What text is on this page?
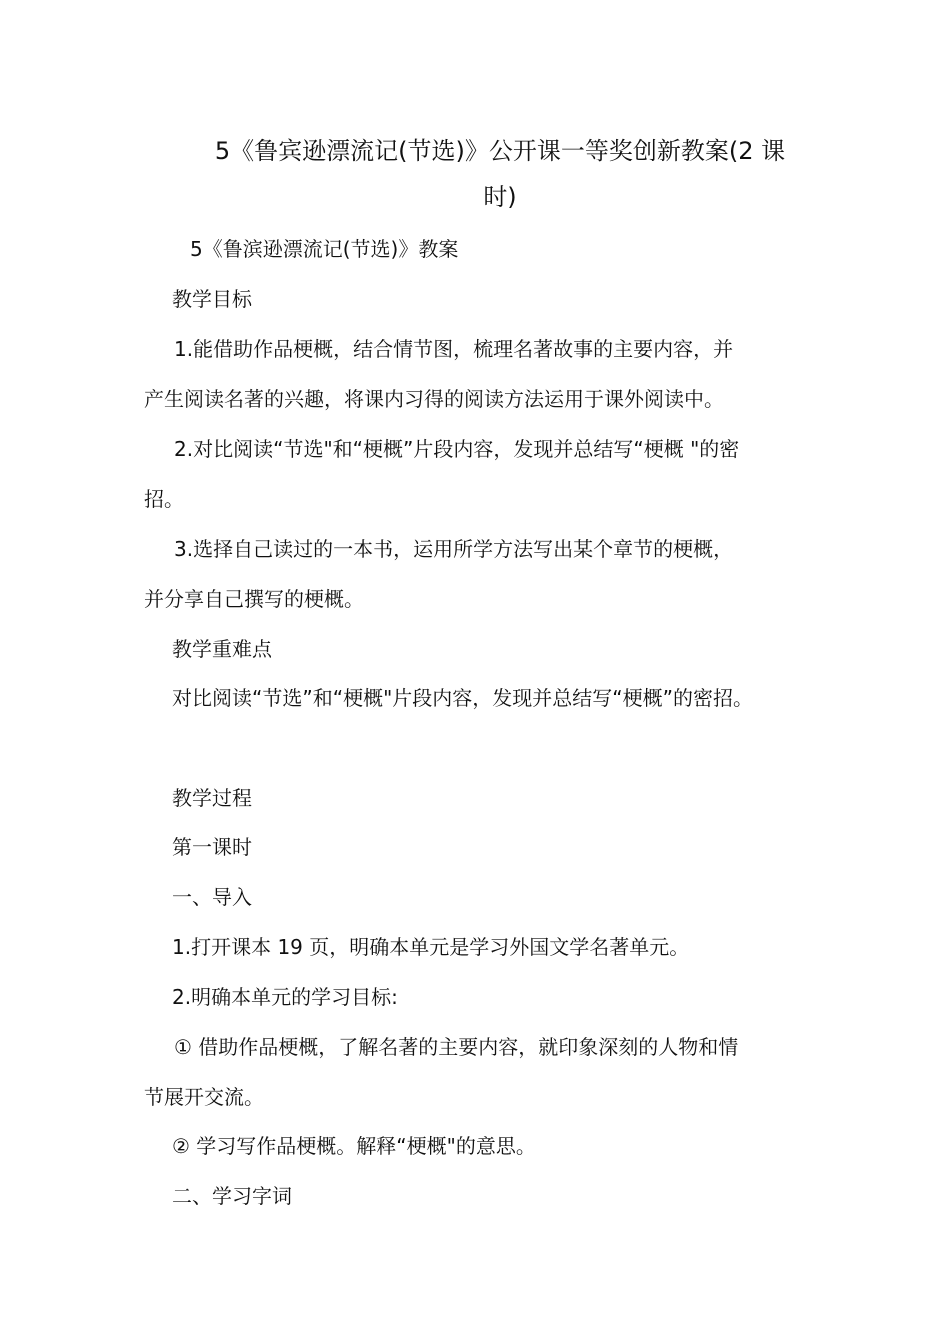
5《鲁宾逊漂流记(节选)》公开课一等奖创新教案(2 课
时)
5《鲁滨逊漂流记(节选)》教案
教学目标
1.能借助作品梗概，结合情节图，梳理名著故事的主要内容，并
产生阅读名著的兴趣，将课内习得的阅读方法运用于课外阅读中。
2.对比阅读“节选"和“梗概”片段内容，发现并总结写“梗概 "的密
招。
3.选择自己读过的一本书，运用所学方法写出某个章节的梗概，
并分享自己撰写的梗概。
教学重难点
对比阅读“节选”和“梗概"片段内容，发现并总结写“梗概”的密招。
教学过程
第一课时
一、导入
1.打开课本 19 页，明确本单元是学习外国文学名著单元。
2.明确本单元的学习目标:
① 借助作品梗概，了解名著的主要内容，就印象深刻的人物和情
节展开交流。
② 学习写作品梗概。解释“梗概"的意思。
二、学习字词
